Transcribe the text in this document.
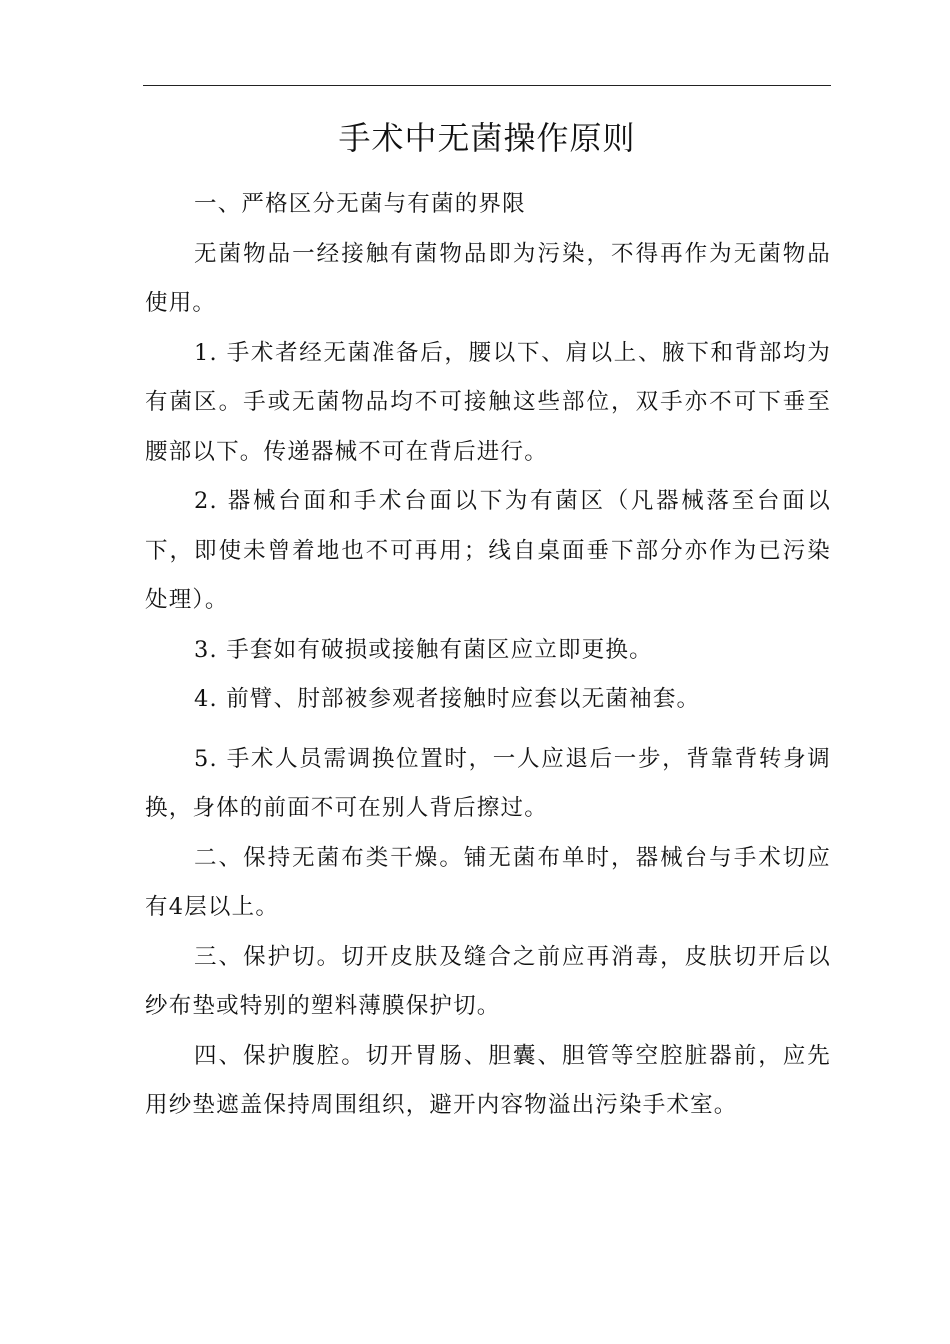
手术中无菌操作原则

一、严格区分无菌与有菌的界限

无菌物品一经接触有菌物品即为污染，不得再作为无菌物品使用。

1. 手术者经无菌准备后，腰以下、肩以上、腋下和背部均为有菌区。手或无菌物品均不可接触这些部位，双手亦不可下垂至腰部以下。传递器械不可在背后进行。

2. 器械台面和手术台面以下为有菌区（凡器械落至台面以下，即使未曾着地也不可再用；线自桌面垂下部分亦作为已污染处理）。

3. 手套如有破损或接触有菌区应立即更换。

4. 前臂、肘部被参观者接触时应套以无菌袖套。

5. 手术人员需调换位置时，一人应退后一步，背靠背转身调换，身体的前面不可在别人背后擦过。

二、保持无菌布类干燥。铺无菌布单时，器械台与手术切应有4层以上。

三、保护切。切开皮肤及缝合之前应再消毒，皮肤切开后以纱布垫或特别的塑料薄膜保护切。

四、保护腹腔。切开胃肠、胆囊、胆管等空腔脏器前，应先用纱垫遮盖保持周围组织，避开内容物溢出污染手术室。
